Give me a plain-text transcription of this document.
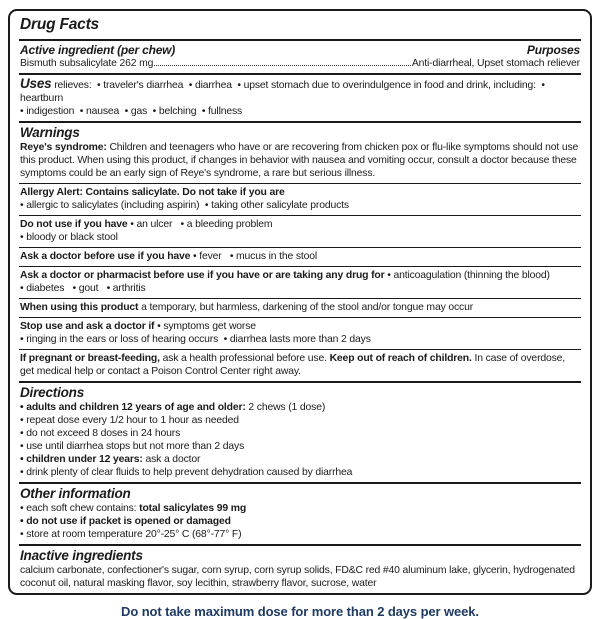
Drug Facts
Active ingredient (per chew)	Purposes
Bismuth subsalicylate 262 mg	Anti-diarrheal, Upset stomach reliever
Uses relieves:  • traveler's diarrhea  • diarrhea  • upset stomach due to overindulgence in food and drink, including:  • heartburn
• indigestion  • nausea  • gas  • belching  • fullness
Warnings

Reye's syndrome: Children and teenagers who have or are recovering from chicken pox or flu-like symptoms should not use this product. When using this product, if changes in behavior with nausea and vomiting occur, consult a doctor because these symptoms could be an early sign of Reye's syndrome, a rare but serious illness.

Allergy Alert: Contains salicylate. Do not take if you are
• allergic to salicylates (including aspirin)  • taking other salicylate products
Do not use if you have • an ulcer   • a bleeding problem
• bloody or black stool
Ask a doctor before use if you have • fever   • mucus in the stool
Ask a doctor or pharmacist before use if you have or are taking any drug for • anticoagulation (thinning the blood)
• diabetes   • gout   • arthritis
When using this product a temporary, but harmless, darkening of the stool and/or tongue may occur
Stop use and ask a doctor if • symptoms get worse
• ringing in the ears or loss of hearing occurs  • diarrhea lasts more than 2 days

If pregnant or breast-feeding, ask a health professional before use. Keep out of reach of children. In case of overdose, get medical help or contact a Poison Control Center right away.

Directions
• adults and children 12 years of age and older: 2 chews (1 dose)
• repeat dose every 1/2 hour to 1 hour as needed
• do not exceed 8 doses in 24 hours
• use until diarrhea stops but not more than 2 days
• children under 12 years: ask a doctor
• drink plenty of clear fluids to help prevent dehydration caused by diarrhea
Other information
• each soft chew contains: total salicylates 99 mg
• do not use if packet is opened or damaged
• store at room temperature 20°-25° C (68°-77° F)
Inactive ingredients

calcium carbonate, confectioner's sugar, corn syrup, corn syrup solids, FD&C red #40 aluminum lake, glycerin, hydrogenated coconut oil, natural masking flavor, soy lecithin, strawberry flavor, sucrose, water

Do not take maximum dose for more than 2 days per week.
